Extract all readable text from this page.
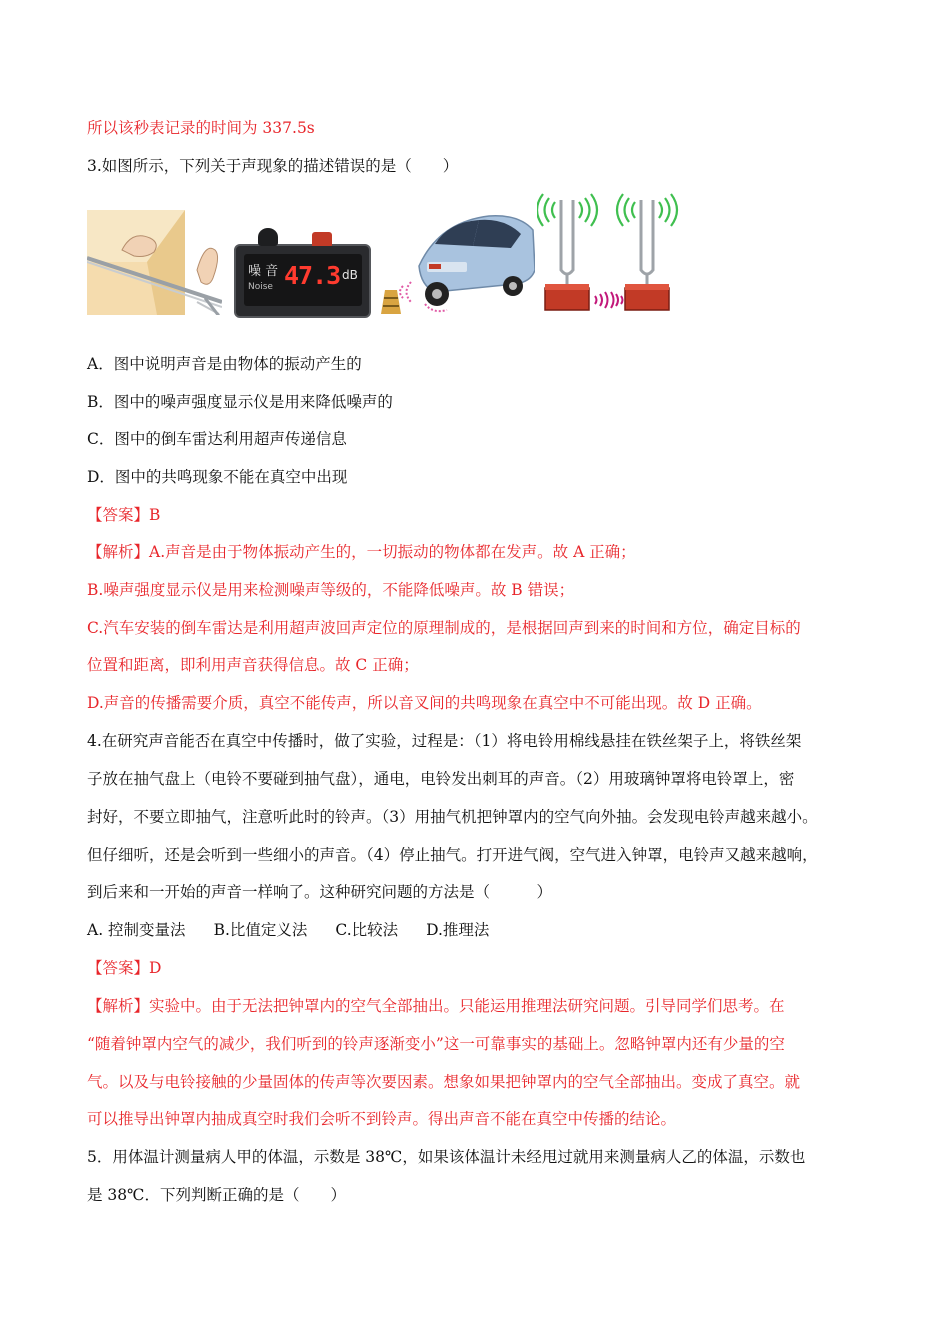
所以该秒表记录的时间为 337.5s
3.如图所示，下列关于声现象的描述错误的是（　　）
噪 音
Noise 47.3 dB
A．图中说明声音是由物体的振动产生的
B．图中的噪声强度显示仪是用来降低噪声的
C．图中的倒车雷达利用超声传递信息
D．图中的共鸣现象不能在真空中出现
【答案】B
【解析】A.声音是由于物体振动产生的，一切振动的物体都在发声。故 A 正确；
B.噪声强度显示仪是用来检测噪声等级的，不能降低噪声。故 B 错误；
C.汽车安装的倒车雷达是利用超声波回声定位的原理制成的，是根据回声到来的时间和方位，确定目标的
位置和距离，即利用声音获得信息。故 C 正确；
D.声音的传播需要介质，真空不能传声，所以音叉间的共鸣现象在真空中不可能出现。故 D 正确。
4.在研究声音能否在真空中传播时，做了实验，过程是：（1）将电铃用棉线悬挂在铁丝架子上，将铁丝架
子放在抽气盘上（电铃不要碰到抽气盘），通电，电铃发出刺耳的声音。（2）用玻璃钟罩将电铃罩上，密
封好，不要立即抽气，注意听此时的铃声。（3）用抽气机把钟罩内的空气向外抽。会发现电铃声越来越小。
但仔细听，还是会听到一些细小的声音。（4）停止抽气。打开进气阀，空气进入钟罩，电铃声又越来越响，
到后来和一开始的声音一样响了。这种研究问题的方法是（　　　）
A. 控制变量法 B.比值定义法 C.比较法 D.推理法
【答案】D
【解析】实验中。由于无法把钟罩内的空气全部抽出。只能运用推理法研究问题。引导同学们思考。在
“随着钟罩内空气的减少，我们听到的铃声逐渐变小”这一可靠事实的基础上。忽略钟罩内还有少量的空
气。以及与电铃接触的少量固体的传声等次要因素。想象如果把钟罩内的空气全部抽出。变成了真空。就
可以推导出钟罩内抽成真空时我们会听不到铃声。得出声音不能在真空中传播的结论。
5．用体温计测量病人甲的体温，示数是 38℃，如果该体温计未经甩过就用来测量病人乙的体温，示数也
是 38℃．下列判断正确的是（　　）
